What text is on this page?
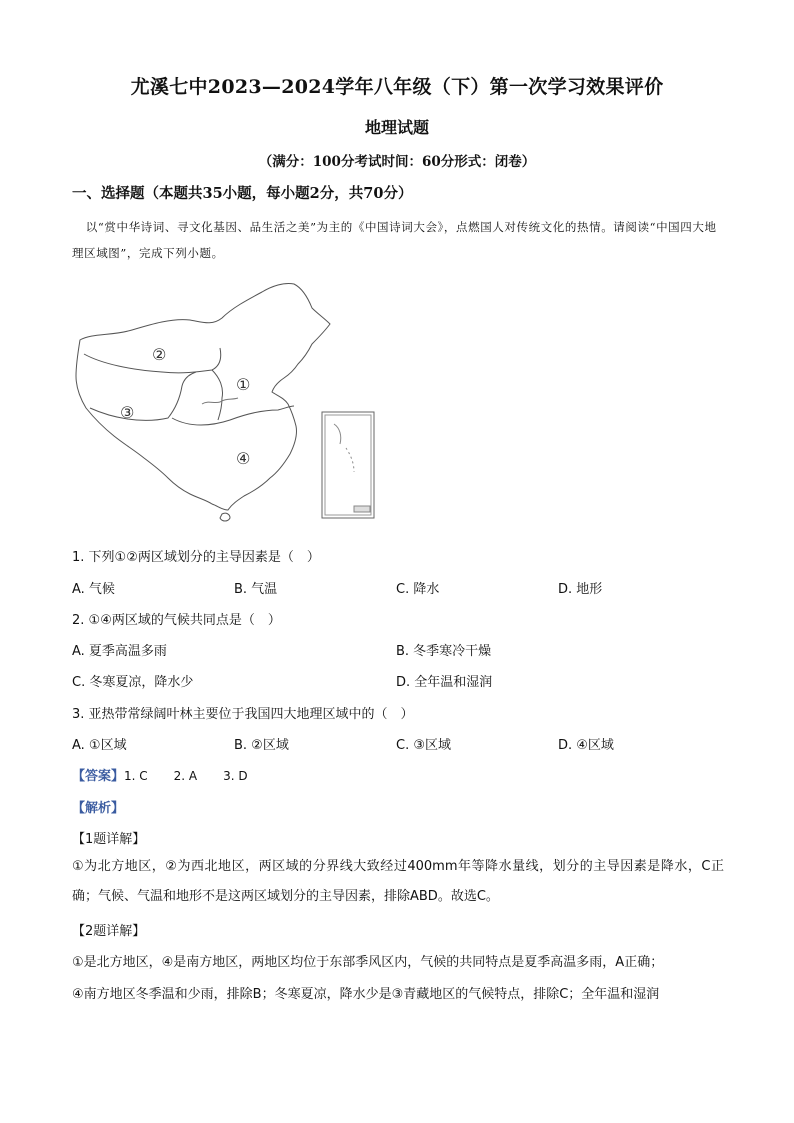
尤溪七中2023—2024学年八年级（下）第一次学习效果评价
地理试题
（满分：100分考试时间：60分形式：闭卷）
一、选择题（本题共35小题，每小题2分，共70分）
以“赏中华诗词、寻文化基因、品生活之美”为主的《中国诗词大会》，点燃国人对传统文化的热情。请阅读“中国四大地理区域图”，完成下列小题。
②
①
③
④
1. 下列①②两区域划分的主导因素是（　）
A. 气候	B. 气温	C. 降水	D. 地形
2. ①④两区域的气候共同点是（　）
A. 夏季高温多雨	B. 冬季寒冷干燥
C. 冬寒夏凉，降水少	D. 全年温和湿润
3. 亚热带常绿阔叶林主要位于我国四大地理区域中的（　）
A. ①区域	B. ②区域	C. ③区域	D. ④区域
【答案】1. C 2. A 3. D
【解析】
【1题详解】
①为北方地区，②为西北地区，两区域的分界线大致经过400mm年等降水量线，划分的主导因素是降水，C正确；气候、气温和地形不是这两区域划分的主导因素，排除ABD。故选C。
【2题详解】
①是北方地区，④是南方地区，两地区均位于东部季风区内，气候的共同特点是夏季高温多雨，A正确；
④南方地区冬季温和少雨，排除B；冬寒夏凉，降水少是③青藏地区的气候特点，排除C；全年温和湿润
